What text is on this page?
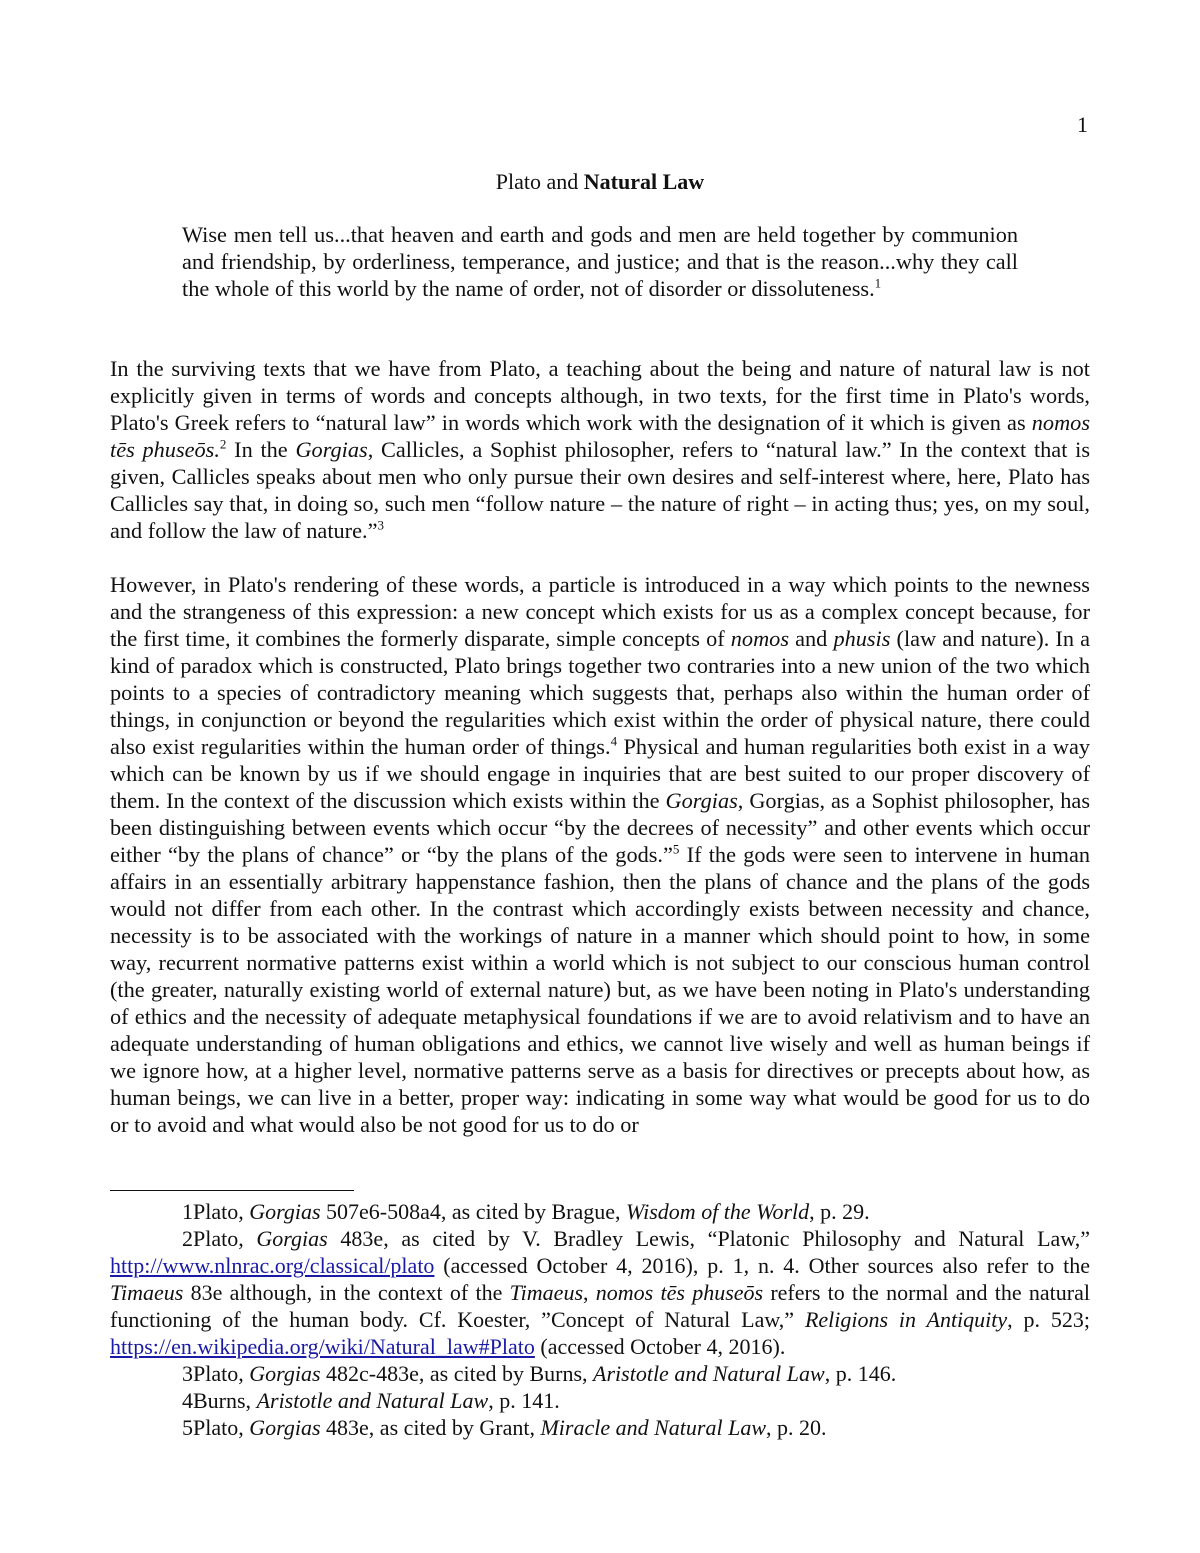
1
Plato and Natural Law
Wise men tell us...that heaven and earth and gods and men are held together by communion and friendship, by orderliness, temperance, and justice; and that is the reason...why they call the whole of this world by the name of order, not of disorder or dissoluteness.$^1$
In the surviving texts that we have from Plato, a teaching about the being and nature of natural law is not explicitly given in terms of words and concepts although, in two texts, for the first time in Plato's words, Plato's Greek refers to “natural law” in words which work with the designation of it which is given as nomos tēs phuseōs.$^2$ In the Gorgias, Callicles, a Sophist philosopher, refers to “natural law.” In the context that is given, Callicles speaks about men who only pursue their own desires and self-interest where, here, Plato has Callicles say that, in doing so, such men “follow nature – the nature of right – in acting thus; yes, on my soul, and follow the law of nature.”$^3$
However, in Plato's rendering of these words, a particle is introduced in a way which points to the newness and the strangeness of this expression: a new concept which exists for us as a complex concept because, for the first time, it combines the formerly disparate, simple concepts of nomos and phusis (law and nature). In a kind of paradox which is constructed, Plato brings together two contraries into a new union of the two which points to a species of contradictory meaning which suggests that, perhaps also within the human order of things, in conjunction or beyond the regularities which exist within the order of physical nature, there could also exist regularities within the human order of things.$^4$ Physical and human regularities both exist in a way which can be known by us if we should engage in inquiries that are best suited to our proper discovery of them. In the context of the discussion which exists within the Gorgias, Gorgias, as a Sophist philosopher, has been distinguishing between events which occur “by the decrees of necessity” and other events which occur either “by the plans of chance” or “by the plans of the gods.”$^5$ If the gods were seen to intervene in human affairs in an essentially arbitrary happenstance fashion, then the plans of chance and the plans of the gods would not differ from each other. In the contrast which accordingly exists between necessity and chance, necessity is to be associated with the workings of nature in a manner which should point to how, in some way, recurrent normative patterns exist within a world which is not subject to our conscious human control (the greater, naturally existing world of external nature) but, as we have been noting in Plato's understanding of ethics and the necessity of adequate metaphysical foundations if we are to avoid relativism and to have an adequate understanding of human obligations and ethics, we cannot live wisely and well as human beings if we ignore how, at a higher level, normative patterns serve as a basis for directives or precepts about how, as human beings, we can live in a better, proper way: indicating in some way what would be good for us to do or to avoid and what would also be not good for us to do or

1Plato, Gorgias 507e6-508a4, as cited by Brague, Wisdom of the World, p. 29.

2Plato, Gorgias 483e, as cited by V. Bradley Lewis, “Platonic Philosophy and Natural Law,” http://www.nlnrac.org/classical/plato (accessed October 4, 2016), p. 1, n. 4. Other sources also refer to the Timaeus 83e although, in the context of the Timaeus, nomos tēs phuseōs refers to the normal and the natural functioning of the human body. Cf. Koester, ”Concept of Natural Law,” Religions in Antiquity, p. 523; https://en.wikipedia.org/wiki/Natural_law#Plato (accessed October 4, 2016).

3Plato, Gorgias 482c-483e, as cited by Burns, Aristotle and Natural Law, p. 146.

4Burns, Aristotle and Natural Law, p. 141.

5Plato, Gorgias 483e, as cited by Grant, Miracle and Natural Law, p. 20.
